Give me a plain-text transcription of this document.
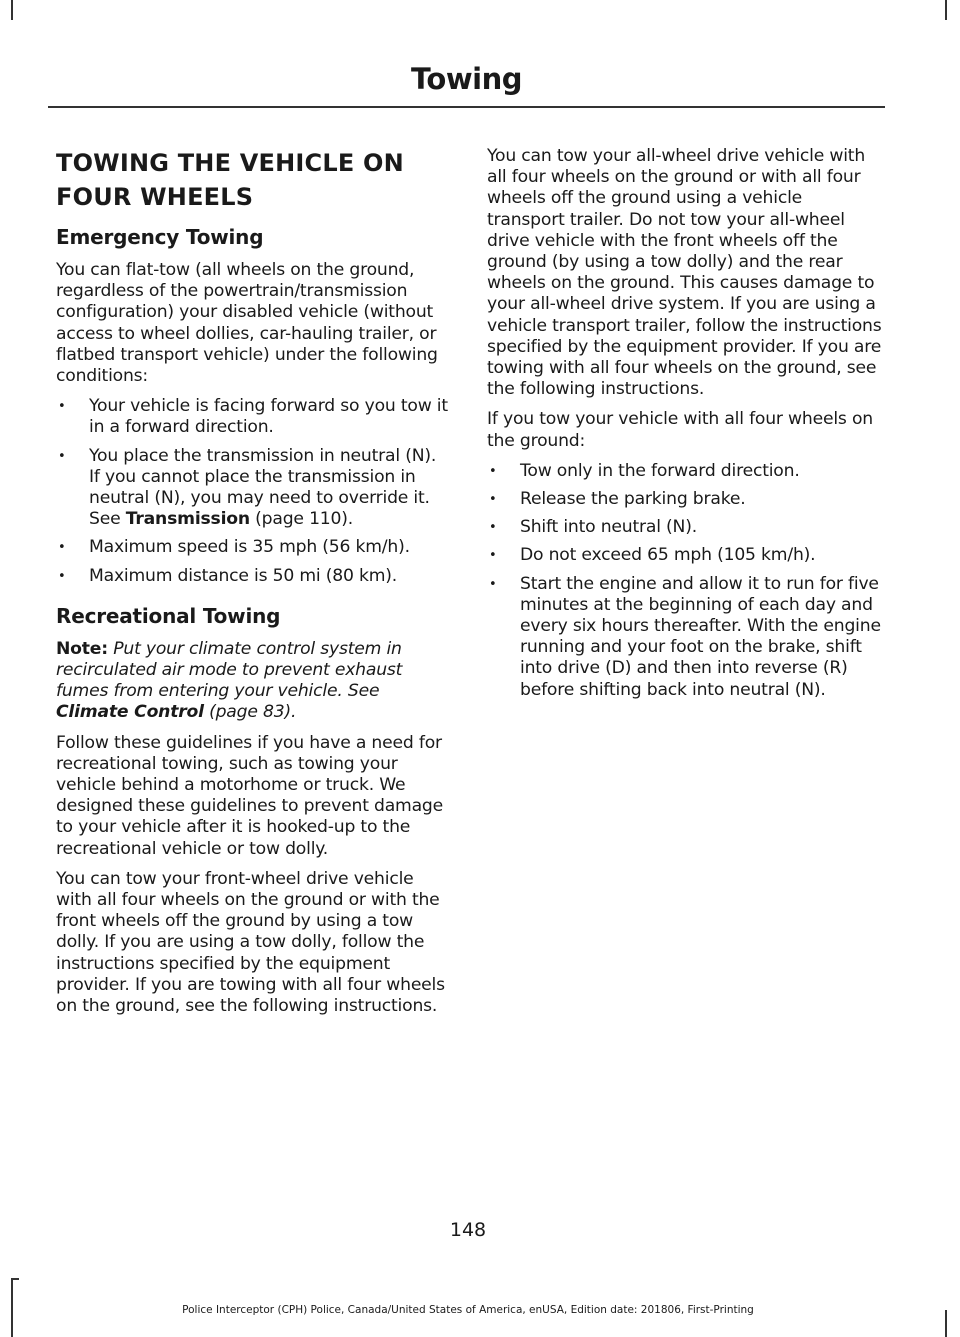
Towing
TOWING THE VEHICLE ON
FOUR WHEELS
Emergency Towing

You can flat-tow (all wheels on the ground, regardless of the powertrain/transmission configuration) your disabled vehicle (without access to wheel dollies, car-hauling trailer, or flatbed transport vehicle) under the following conditions:

• Your vehicle is facing forward so you tow it in a forward direction.
• You place the transmission in neutral (N). If you cannot place the transmission in neutral (N), you may need to override it. See Transmission (page 110).
• Maximum speed is 35 mph (56 km/h).
• Maximum distance is 50 mi (80 km).
Recreational Towing

Note: Put your climate control system in recirculated air mode to prevent exhaust fumes from entering your vehicle. See Climate Control (page 83).

Follow these guidelines if you have a need for recreational towing, such as towing your vehicle behind a motorhome or truck. We designed these guidelines to prevent damage to your vehicle after it is hooked-up to the recreational vehicle or tow dolly.

You can tow your front-wheel drive vehicle with all four wheels on the ground or with the front wheels off the ground by using a tow dolly. If you are using a tow dolly, follow the instructions specified by the equipment provider. If you are towing with all four wheels on the ground, see the following instructions.

You can tow your all-wheel drive vehicle with all four wheels on the ground or with all four wheels off the ground using a vehicle transport trailer. Do not tow your all-wheel drive vehicle with the front wheels off the ground (by using a tow dolly) and the rear wheels on the ground. This causes damage to your all-wheel drive system. If you are using a vehicle transport trailer, follow the instructions specified by the equipment provider. If you are towing with all four wheels on the ground, see the following instructions.

If you tow your vehicle with all four wheels on the ground:

• Tow only in the forward direction.
• Release the parking brake.
• Shift into neutral (N).
• Do not exceed 65 mph (105 km/h).
• Start the engine and allow it to run for five minutes at the beginning of each day and every six hours thereafter. With the engine running and your foot on the brake, shift into drive (D) and then into reverse (R) before shifting back into neutral (N).
148
Police Interceptor (CPH) Police, Canada/United States of America, enUSA, Edition date: 201806, First-Printing
